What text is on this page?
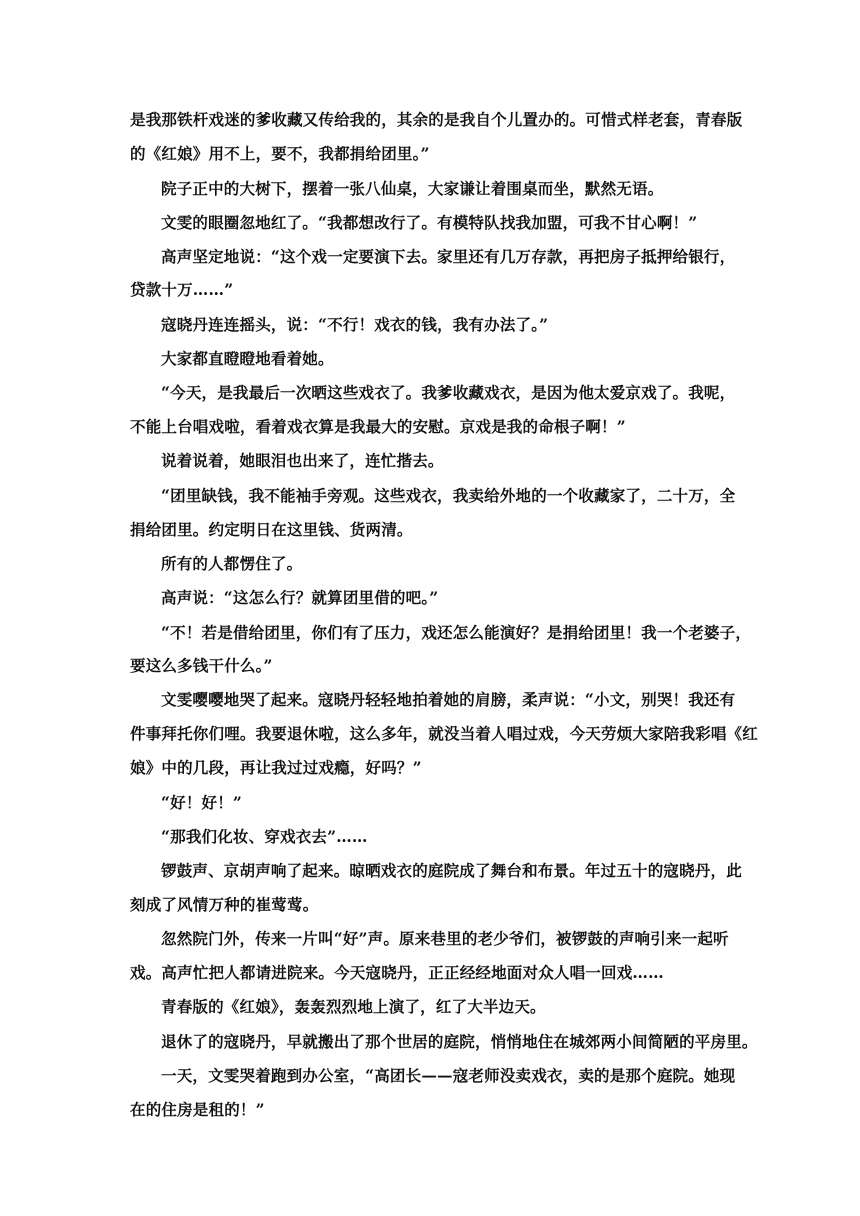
是我那铁杆戏迷的爹收藏又传给我的，其余的是我自个儿置办的。可惜式样老套，青春版
的《红娘》用不上，要不，我都捐给团里。”
院子正中的大树下，摆着一张八仙桌，大家谦让着围桌而坐，默然无语。
文雯的眼圈忽地红了。“我都想改行了。有模特队找我加盟，可我不甘心啊！”
高声坚定地说：“这个戏一定要演下去。家里还有几万存款，再把房子抵押给银行，
贷款十万……”
寇晓丹连连摇头，说：“不行！戏衣的钱，我有办法了。”
大家都直瞪瞪地看着她。
“今天，是我最后一次晒这些戏衣了。我爹收藏戏衣，是因为他太爱京戏了。我呢，
不能上台唱戏啦，看着戏衣算是我最大的安慰。京戏是我的命根子啊！”
说着说着，她眼泪也出来了，连忙揩去。
“团里缺钱，我不能袖手旁观。这些戏衣，我卖给外地的一个收藏家了，二十万，全
捐给团里。约定明日在这里钱、货两清。
所有的人都愣住了。
高声说：“这怎么行？就算团里借的吧。”
“不！若是借给团里，你们有了压力，戏还怎么能演好？是捐给团里！我一个老婆子，
要这么多钱干什么。”
文雯嘤嘤地哭了起来。寇晓丹轻轻地拍着她的肩膀，柔声说：“小文，别哭！我还有
件事拜托你们哩。我要退休啦，这么多年，就没当着人唱过戏，今天劳烦大家陪我彩唱《红
娘》中的几段，再让我过过戏瘾，好吗？”
“好！好！”
“那我们化妆、穿戏衣去”……
锣鼓声、京胡声响了起来。晾晒戏衣的庭院成了舞台和布景。年过五十的寇晓丹，此
刻成了风情万种的崔莺莺。
忽然院门外，传来一片叫“好”声。原来巷里的老少爷们，被锣鼓的声响引来一起听
戏。高声忙把人都请进院来。今天寇晓丹，正正经经地面对众人唱一回戏……
青春版的《红娘》，轰轰烈烈地上演了，红了大半边天。
退休了的寇晓丹，早就搬出了那个世居的庭院，悄悄地住在城郊两小间简陋的平房里。
一天，文雯哭着跑到办公室，“高团长——寇老师没卖戏衣，卖的是那个庭院。她现
在的住房是租的！”
